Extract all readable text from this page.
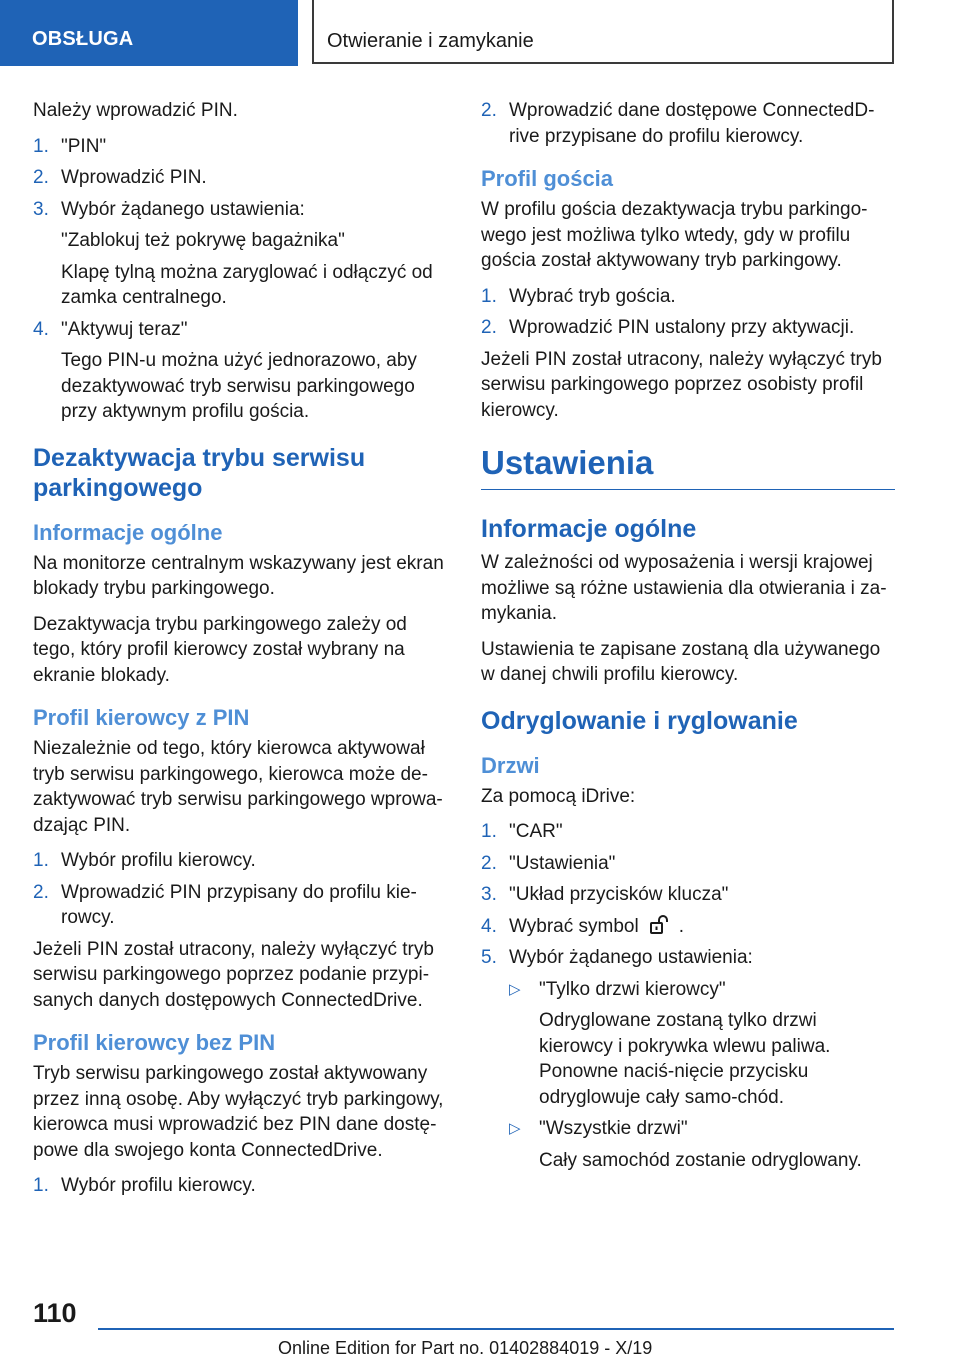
OBSŁUGA	Otwieranie i zamykanie

Należy wprowadzić PIN.

1. "PIN"
2. Wprowadzić PIN.
3. Wybór żądanego ustawienia:
"Zablokuj też pokrywę bagażnika"
Klapę tylną można zaryglować i odłączyć od zamka centralnego.
4. "Aktywuj teraz"
Tego PIN-u można użyć jednorazowo, aby dezaktywować tryb serwisu parkingowego przy aktywnym profilu gościa.
Dezaktywacja trybu serwisu parkingowego
Informacje ogólne

Na monitorze centralnym wskazywany jest ekran blokady trybu parkingowego.

Dezaktywacja trybu parkingowego zależy od tego, który profil kierowcy został wybrany na ekranie blokady.

Profil kierowcy z PIN

Niezależnie od tego, który kierowca aktywował tryb serwisu parkingowego, kierowca może de-zaktywować tryb serwisu parkingowego wprowa-dzając PIN.

1. Wybór profilu kierowcy.
2. Wprowadzić PIN przypisany do profilu kie-rowcy.

Jeżeli PIN został utracony, należy wyłączyć tryb serwisu parkingowego poprzez podanie przypi-sanych danych dostępowych ConnectedDrive.

Profil kierowcy bez PIN

Tryb serwisu parkingowego został aktywowany przez inną osobę. Aby wyłączyć tryb parkingowy, kierowca musi wprowadzić bez PIN dane dostę-powe dla swojego konta ConnectedDrive.

1. Wybór profilu kierowcy.
2. Wprowadzić dane dostępowe ConnectedD-rive przypisane do profilu kierowcy.
Profil gościa

W profilu gościa dezaktywacja trybu parkingo-wego jest możliwa tylko wtedy, gdy w profilu gościa został aktywowany tryb parkingowy.

1. Wybrać tryb gościa.
2. Wprowadzić PIN ustalony przy aktywacji.

Jeżeli PIN został utracony, należy wyłączyć tryb serwisu parkingowego poprzez osobisty profil kierowcy.

Ustawienia
Informacje ogólne

W zależności od wyposażenia i wersji krajowej możliwe są różne ustawienia dla otwierania i za-mykania.

Ustawienia te zapisane zostaną dla używanego w danej chwili profilu kierowcy.

Odryglowanie i ryglowanie
Drzwi

Za pomocą iDrive:

1. "CAR"
2. "Ustawienia"
3. "Układ przycisków klucza"
4. Wybrać symbol .
5. Wybór żądanego ustawienia:
▷ "Tylko drzwi kierowcy"
Odryglowane zostaną tylko drzwi kierowcy i pokrywka wlewu paliwa. Ponowne naciś-nięcie przycisku odryglowuje cały samo-chód.
▷ "Wszystkie drzwi"
Cały samochód zostanie odryglowany.
110
Online Edition for Part no. 01402884019 - X/19
